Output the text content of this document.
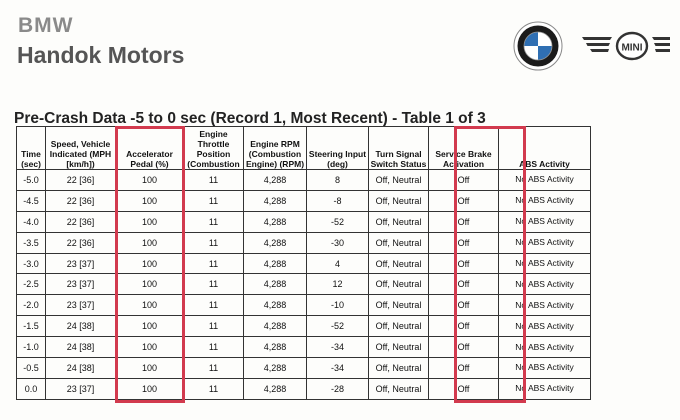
BMW
Handok Motors	MINI
Pre-Crash Data -5 to 0 sec (Record 1, Most Recent) - Table 1 of 3
Time (sec)	Speed, Vehicle Indicated (MPH [km/h])	Accelerator Pedal (%)	Engine Throttle Position (Combustion	Engine RPM (Combustion Engine) (RPM)	Steering Input (deg)	Turn Signal Switch Status	Service Brake Activation	ABS Activity
-5.0	22 [36]	100	11	4,288	8	Off, Neutral	Off	No ABS Activity
-4.5	22 [36]	100	11	4,288	-8	Off, Neutral	Off	No ABS Activity
-4.0	22 [36]	100	11	4,288	-52	Off, Neutral	Off	No ABS Activity
-3.5	22 [36]	100	11	4,288	-30	Off, Neutral	Off	No ABS Activity
-3.0	23 [37]	100	11	4,288	4	Off, Neutral	Off	No ABS Activity
-2.5	23 [37]	100	11	4,288	12	Off, Neutral	Off	No ABS Activity
-2.0	23 [37]	100	11	4,288	-10	Off, Neutral	Off	No ABS Activity
-1.5	24 [38]	100	11	4,288	-52	Off, Neutral	Off	No ABS Activity
-1.0	24 [38]	100	11	4,288	-34	Off, Neutral	Off	No ABS Activity
-0.5	24 [38]	100	11	4,288	-34	Off, Neutral	Off	No ABS Activity
0.0	23 [37]	100	11	4,288	-28	Off, Neutral	Off	No ABS Activity
